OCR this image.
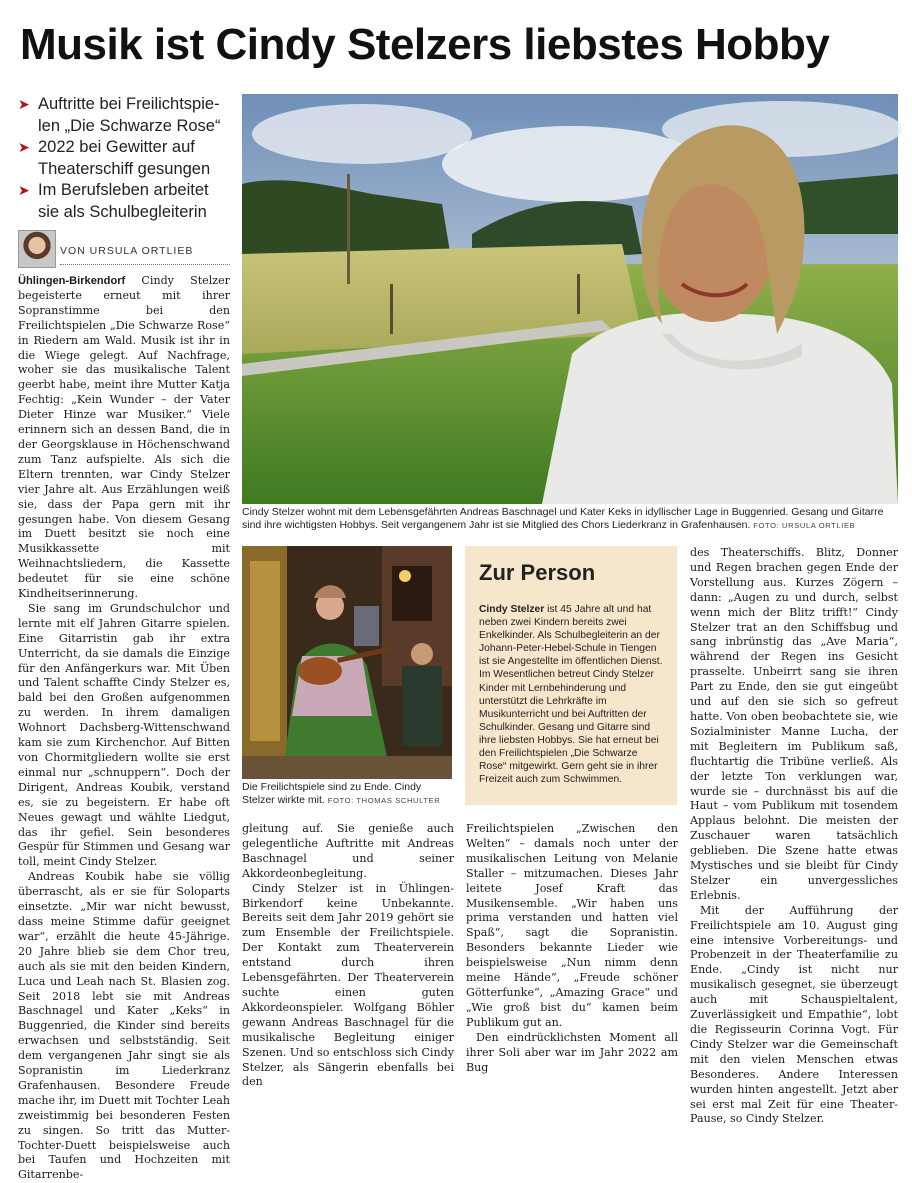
Musik ist Cindy Stelzers liebstes Hobby
➤ Auftritte bei Freilichtspie-
len „Die Schwarze Rose“
➤ 2022 bei Gewitter auf
Theaterschiff gesungen
➤ Im Berufsleben arbeitet
sie als Schulbegleiterin
VON URSULA ORTLIEB

Ühlingen-Birkendorf Cindy Stelzer begeisterte erneut mit ihrer Sopranstimme bei den Freilichtspielen „Die Schwarze Rose“ in Riedern am Wald. Musik ist ihr in die Wiege gelegt. Auf Nachfrage, woher sie das musikalische Talent geerbt habe, meint ihre Mutter Katja Fechtig: „Kein Wunder – der Vater Dieter Hinze war Musiker.“ Viele erinnern sich an dessen Band, die in der Georgsklause in Höchenschwand zum Tanz aufspielte. Als sich die Eltern trennten, war Cindy Stelzer vier Jahre alt. Aus Erzählungen weiß sie, dass der Papa gern mit ihr gesungen habe. Von diesem Gesang im Duett besitzt sie noch eine Musikkassette mit Weihnachtsliedern, die Kassette bedeutet für sie eine schöne Kindheitserinnerung.

Sie sang im Grundschulchor und lernte mit elf Jahren Gitarre spielen. Eine Gitarristin gab ihr extra Unterricht, da sie damals die Einzige für den Anfängerkurs war. Mit Üben und Talent schaffte Cindy Stelzer es, bald bei den Großen aufgenommen zu werden. In ihrem damaligen Wohnort Dachsberg-Wittenschwand kam sie zum Kirchenchor. Auf Bitten von Chormitgliedern wollte sie erst einmal nur „schnuppern“. Doch der Dirigent, Andreas Koubik, verstand es, sie zu begeistern. Er habe oft Neues gewagt und wählte Liedgut, das ihr gefiel. Sein besonderes Gespür für Stimmen und Gesang war toll, meint Cindy Stelzer.

Andreas Koubik habe sie völlig überrascht, als er sie für Soloparts einsetzte. „Mir war nicht bewusst, dass meine Stimme dafür geeignet war“, erzählt die heute 45-Jährige. 20 Jahre blieb sie dem Chor treu, auch als sie mit den beiden Kindern, Luca und Leah nach St. Blasien zog. Seit 2018 lebt sie mit Andreas Baschnagel und Kater „Keks“ in Buggenried, die Kinder sind bereits erwachsen und selbstständig. Seit dem vergangenen Jahr singt sie als Sopranistin im Liederkranz Grafenhausen. Besondere Freude mache ihr, im Duett mit Tochter Leah zweistimmig bei besonderen Festen zu singen. So tritt das Mutter-Tochter-Duett beispielsweise auch bei Taufen und Hochzeiten mit Gitarrenbe-

Cindy Stelzer wohnt mit dem Lebensgefährten Andreas Baschnagel und Kater Keks in idyllischer Lage in Buggenried. Gesang und Gitarre sind ihre wichtigsten Hobbys. Seit vergangenem Jahr ist sie Mitglied des Chors Liederkranz in Grafenhausen. FOTO: URSULA ORTLIEB
Die Freilichtspiele sind zu Ende. Cindy Stelzer wirkte mit. FOTO: THOMAS SCHULTER
Zur Person
Cindy Stelzer ist 45 Jahre alt und hat neben zwei Kindern bereits zwei Enkelkinder. Als Schulbegleiterin an der Johann-Peter-Hebel-Schule in Tiengen ist sie Angestellte im öffentlichen Dienst. Im Wesentlichen betreut Cindy Stelzer Kinder mit Lernbehinderung und unterstützt die Lehrkräfte im Musikunterricht und bei Auftritten der Schulkinder. Gesang und Gitarre sind ihre liebsten Hobbys. Sie hat erneut bei den Freilichtspielen „Die Schwarze Rose“ mitgewirkt. Gern geht sie in ihrer Freizeit auch zum Schwimmen.

gleitung auf. Sie genieße auch gelegentliche Auftritte mit Andreas Baschnagel und seiner Akkordeonbegleitung.

Cindy Stelzer ist in Ühlingen-Birkendorf keine Unbekannte. Bereits seit dem Jahr 2019 gehört sie zum Ensemble der Freilichtspiele. Der Kontakt zum Theaterverein entstand durch ihren Lebensgefährten. Der Theaterverein suchte einen guten Akkordeonspieler. Wolfgang Böhler gewann Andreas Baschnagel für die musikalische Begleitung einiger Szenen. Und so entschloss sich Cindy Stelzer, als Sängerin ebenfalls bei den

Freilichtspielen „Zwischen den Welten“ – damals noch unter der musikalischen Leitung von Melanie Staller – mitzumachen. Dieses Jahr leitete Josef Kraft das Musikensemble. „Wir haben uns prima verstanden und hatten viel Spaß“, sagt die Sopranistin. Besonders bekannte Lieder wie beispielsweise „Nun nimm denn meine Hände“, „Freude schöner Götterfunke“, „Amazing Grace“ und „Wie groß bist du“ kamen beim Publikum gut an.

Den eindrücklichsten Moment all ihrer Soli aber war im Jahr 2022 am Bug

des Theaterschiffs. Blitz, Donner und Regen brachen gegen Ende der Vorstellung aus. Kurzes Zögern – dann: „Augen zu und durch, selbst wenn mich der Blitz trifft!“ Cindy Stelzer trat an den Schiffsbug und sang inbrünstig das „Ave Maria“, während der Regen ins Gesicht prasselte. Unbeirrt sang sie ihren Part zu Ende, den sie gut eingeübt und auf den sie sich so gefreut hatte. Von oben beobachtete sie, wie Sozialminister Manne Lucha, der mit Begleitern im Publikum saß, fluchtartig die Tribüne verließ. Als der letzte Ton verklungen war, wurde sie – durchnässt bis auf die Haut – vom Publikum mit tosendem Applaus belohnt. Die meisten der Zuschauer waren tatsächlich geblieben. Die Szene hatte etwas Mystisches und sie bleibt für Cindy Stelzer ein unvergessliches Erlebnis.

Mit der Aufführung der Freilichtspiele am 10. August ging eine intensive Vorbereitungs- und Probenzeit in der Theaterfamilie zu Ende. „Cindy ist nicht nur musikalisch gesegnet, sie überzeugt auch mit Schauspieltalent, Zuverlässigkeit und Empathie“, lobt die Regisseurin Corinna Vogt. Für Cindy Stelzer war die Gemeinschaft mit den vielen Menschen etwas Besonderes. Andere Interessen wurden hinten angestellt. Jetzt aber sei erst mal Zeit für eine Theater-Pause, so Cindy Stelzer.
